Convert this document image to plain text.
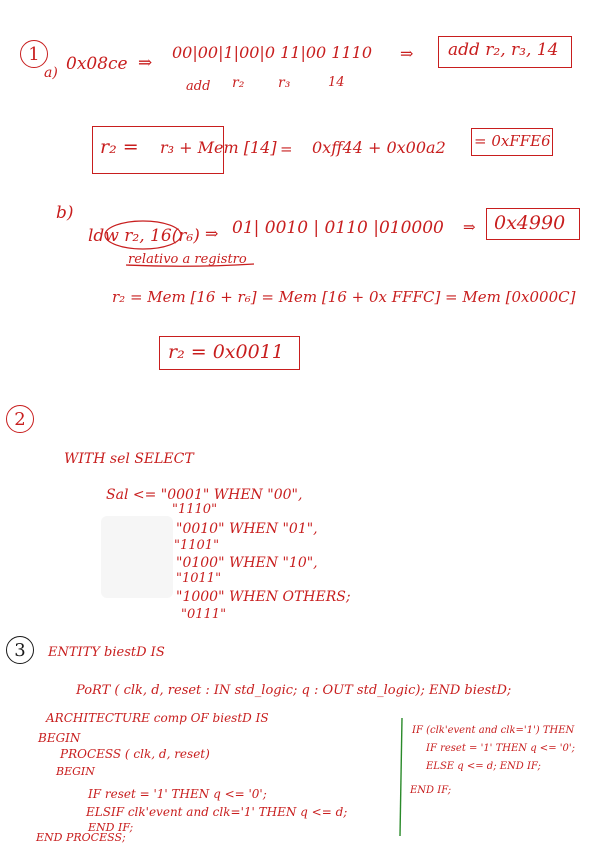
1
a) 0x08ce ⇒
00|00|1|00|0 11|00 1110
add r₂ r₃	14
⇒ add r₂, r₃, 14
r₂ = r₃ + Mem [14] = 0xff44 + 0x00a2 = 0xFFE6
b)
ldw r₂, 16(r₆) ⇒ 01| 0010 | 0110 |010000 ⇒ 0x4990
relativo a registro
r₂ = Mem [16 + r₆] = Mem [16 + 0x FFFC] = Mem [0x000C]
r₂ = 0x0011
2
WITH sel SELECT
Sal <= "0001" WHEN "00",
"1110"
"0010" WHEN "01",
"1101"
"0100" WHEN "10",
"1011"
"1000" WHEN OTHERS;
"0111"
3 ENTITY biestD IS
PoRT ( clk, d, reset : IN std_logic; q : OUT std_logic); END biestD;
ARCHITECTURE comp OF biestD IS
BEGIN
PROCESS ( clk, d, reset)
BEGIN
IF reset = '1' THEN q <= '0';
ELSIF clk'event and clk='1' THEN q <= d;
END IF;
END PROCESS;
IF (clk'event and clk='1') THEN
IF reset = '1' THEN q <= '0';
ELSE q <= d; END IF;
END IF;
